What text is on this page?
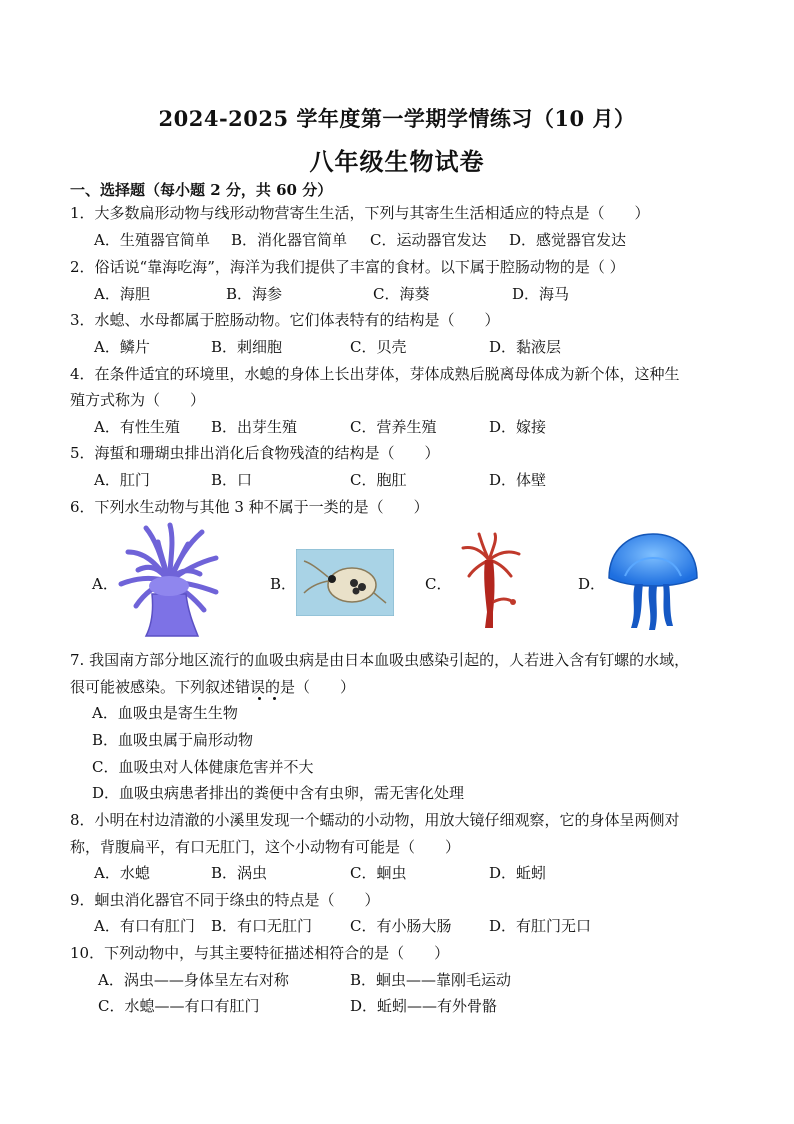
2024-2025 学年度第一学期学情练习（10 月）
八年级生物试卷
一、选择题（每小题 2 分，共 60 分）
1．大多数扁形动物与线形动物营寄生生活，下列与其寄生生活相适应的特点是（　　）
A．生殖器官简单 B．消化器官简单 C．运动器官发达 D．感觉器官发达
2．俗话说“靠海吃海”，海洋为我们提供了丰富的食材。以下属于腔肠动物的是（ ）
A．海胆	B．海参	C．海葵	D．海马
3．水螅、水母都属于腔肠动物。它们体表特有的结构是（　　）
A．鳞片	B．刺细胞	C．贝壳	D．黏液层
4．在条件适宜的环境里，水螅的身体上长出芽体，芽体成熟后脱离母体成为新个体，这种生
殖方式称为（　　）
A．有性生殖 B．出芽生殖	C．营养生殖	D．嫁接
5．海蜇和珊瑚虫排出消化后食物残渣的结构是（　　）
A．肛门	B．口	C．胞肛	D．体壁
6．下列水生动物与其他 3 种不属于一类的是（　　）
A．	B．	C．	D．
7. 我国南方部分地区流行的血吸虫病是由日本血吸虫感染引起的，人若进入含有钉螺的水域，
很可能被感染。下列叙述错误的是（　　）
A．血吸虫是寄生生物
B．血吸虫属于扁形动物
C．血吸虫对人体健康危害并不大
D．血吸虫病患者排出的粪便中含有虫卵，需无害化处理
8．小明在村边清澈的小溪里发现一个蠕动的小动物，用放大镜仔细观察，它的身体呈两侧对
称，背腹扁平，有口无肛门，这个小动物有可能是（　　）
A．水螅	B．涡虫	C．蛔虫	D．蚯蚓
9．蛔虫消化器官不同于绦虫的特点是（　　）
A．有口有肛门 B．有口无肛门	C．有小肠大肠	D．有肛门无口
10．下列动物中，与其主要特征描述相符合的是（　　）
A．涡虫——身体呈左右对称	B．蛔虫——靠刚毛运动
C．水螅——有口有肛门	D．蚯蚓——有外骨骼
